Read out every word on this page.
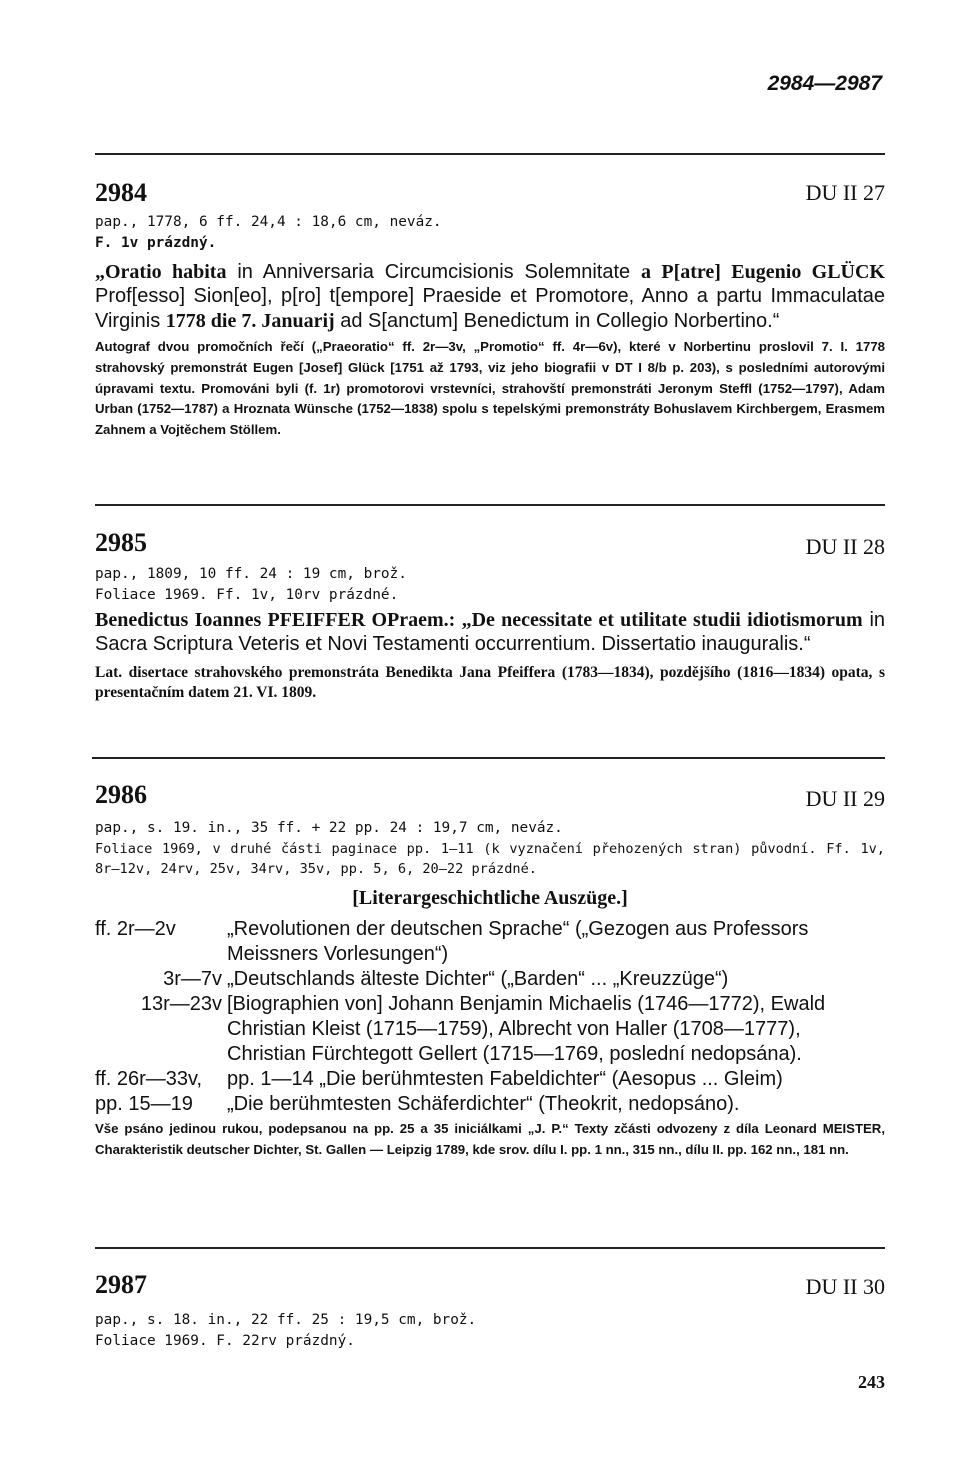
2984—2987
2984	DU II 27
pap., 1778, 6 ff. 24,4 : 18,6 cm, neváz.
F. 1v prázdný.
„Oratio habita in Anniversaria Circumcisionis Solemnitate a P[atre] Eugenio GLÜCK Prof[esso] Sion[eo], p[ro] t[empore] Praeside et Promotore, Anno a partu Immaculatae Virginis 1778 die 7. Januarij ad S[anctum] Benedictum in Collegio Norbertino.“
Autograf dvou promočních řečí („Praeoratio“ ff. 2r—3v, „Promotio“ ff. 4r—6v), které v Norbertinu proslovil 7. I. 1778 strahovský premonstrát Eugen [Josef] Glück [1751 až 1793, viz jeho biografii v DT I 8/b p. 203), s posledními autorovými úpravami textu. Promováni byli (f. 1r) promotorovi vrstevníci, strahovští premonstráti Jeronym Steffl (1752—1797), Adam Urban (1752—1787) a Hroznata Wünsche (1752—1838) spolu s tepelskými premonstráty Bohuslavem Kirchbergem, Erasmem Zahnem a Vojtěchem Stöllem.
2985	DU II 28
pap., 1809, 10 ff. 24 : 19 cm, brož.
Foliace 1969. Ff. 1v, 10rv prázdné.
Benedictus Ioannes PFEIFFER OPraem.: „De necessitate et utilitate studii idiotismorum in Sacra Scriptura Veteris et Novi Testamenti occurrentium. Dissertatio inauguralis.“
Lat. disertace strahovského premonstráta Benedikta Jana Pfeiffera (1783—1834), pozdějšího (1816—1834) opata, s presentačním datem 21. VI. 1809.
2986	DU II 29
pap., s. 19. in., 35 ff. + 22 pp. 24 : 19,7 cm, neváz.
Foliace 1969, v druhé části paginace pp. 1—11 (k vyznačení přehozených stran) původní. Ff. 1v, 8r—12v, 24rv, 25v, 34rv, 35v, pp. 5, 6, 20—22 prázdné.
[Literargeschichtliche Auszüge.]
ff. 2r—2v	„Revolutionen der deutschen Sprache“ („Gezogen aus Professors Meissners Vorlesungen“)
3r—7v „Deutschlands älteste Dichter“ („Barden“ ... „Kreuzzüge“)
13r—23v [Biographien von] Johann Benjamin Michaelis (1746—1772), Ewald Christian Kleist (1715—1759), Albrecht von Haller (1708—1777), Christian Fürchtegott Gellert (1715—1769, poslední nedopsána).
ff. 26r—33v,	pp. 1—14 „Die berühmtesten Fabeldichter“ (Aesopus ... Gleim)
pp. 15—19	„Die berühmtesten Schäferdichter“ (Theokrit, nedopsáno).
Vše psáno jedinou rukou, podepsanou na pp. 25 a 35 iniciálkami „J. P.“ Texty zčásti odvozeny z díla Leonard MEISTER, Charakteristik deutscher Dichter, St. Gallen — Leipzig 1789, kde srov. dílu I. pp. 1 nn., 315 nn., dílu II. pp. 162 nn., 181 nn.
2987	DU II 30
pap., s. 18. in., 22 ff. 25 : 19,5 cm, brož.
Foliace 1969. F. 22rv prázdný.
243
